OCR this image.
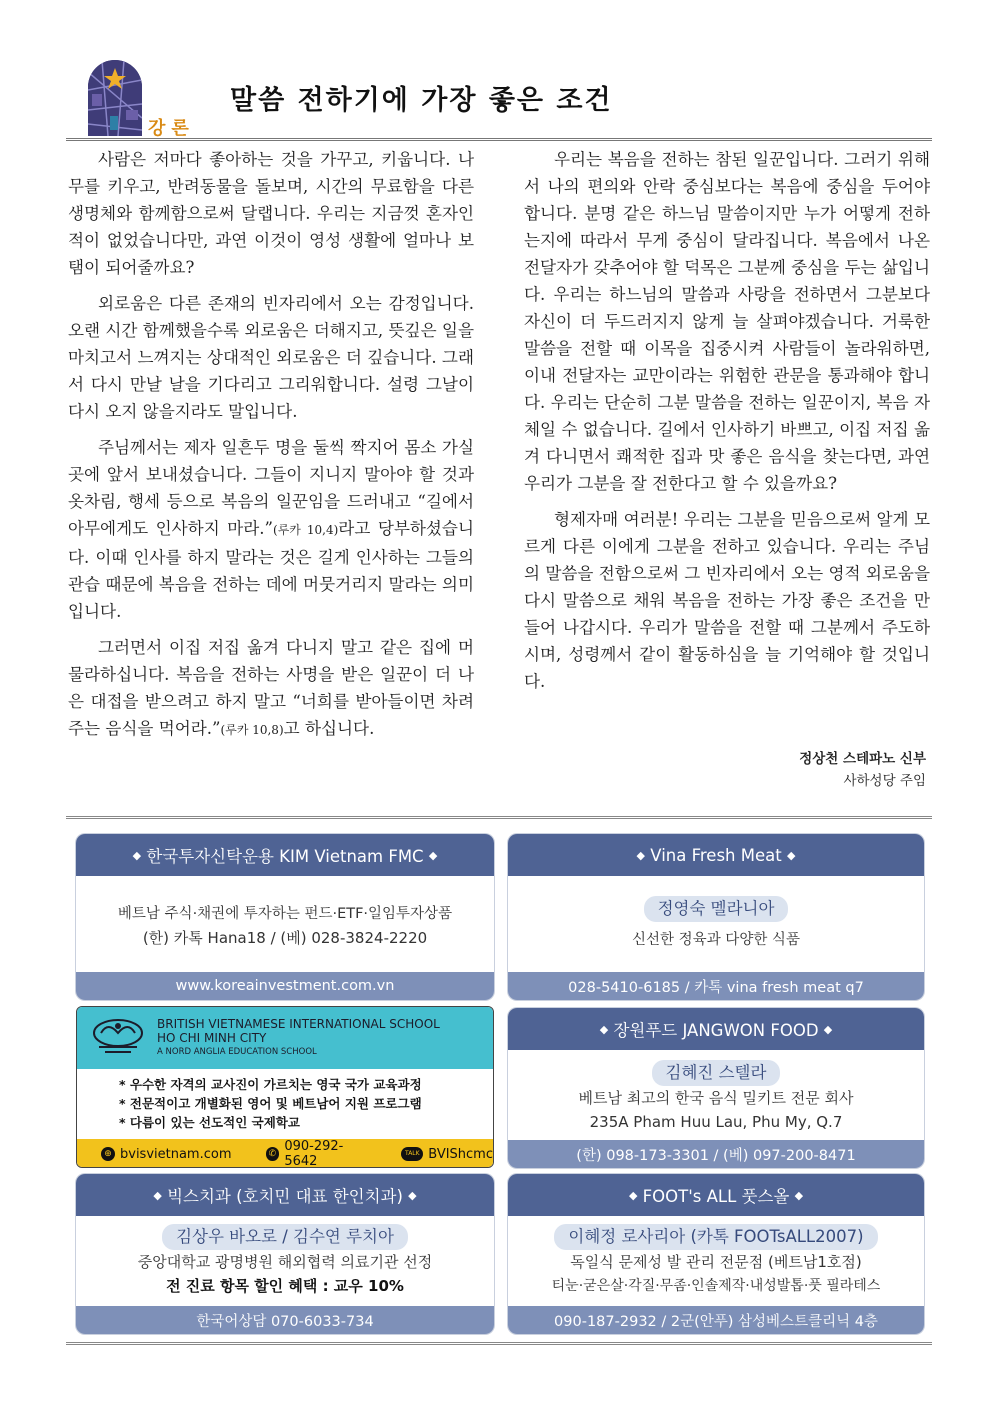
강론
말씀 전하기에 가장 좋은 조건

사람은 저마다 좋아하는 것을 가꾸고, 키웁니다. 나무를 키우고, 반려동물을 돌보며, 시간의 무료함을 다른 생명체와 함께함으로써 달랩니다. 우리는 지금껏 혼자인 적이 없었습니다만, 과연 이것이 영성 생활에 얼마나 보탬이 되어줄까요?

외로움은 다른 존재의 빈자리에서 오는 감정입니다. 오랜 시간 함께했을수록 외로움은 더해지고, 뜻깊은 일을 마치고서 느껴지는 상대적인 외로움은 더 깊습니다. 그래서 다시 만날 날을 기다리고 그리워합니다. 설령 그날이 다시 오지 않을지라도 말입니다.

주님께서는 제자 일흔두 명을 둘씩 짝지어 몸소 가실 곳에 앞서 보내셨습니다. 그들이 지니지 말아야 할 것과 옷차림, 행세 등으로 복음의 일꾼임을 드러내고 “길에서 아무에게도 인사하지 마라.”(루카 10,4)라고 당부하셨습니다. 이때 인사를 하지 말라는 것은 길게 인사하는 그들의 관습 때문에 복음을 전하는 데에 머뭇거리지 말라는 의미입니다.

그러면서 이집 저집 옮겨 다니지 말고 같은 집에 머물라하십니다. 복음을 전하는 사명을 받은 일꾼이 더 나은 대접을 받으려고 하지 말고 “너희를 받아들이면 차려 주는 음식을 먹어라.”(루카 10,8)고 하십니다.

우리는 복음을 전하는 참된 일꾼입니다. 그러기 위해서 나의 편의와 안락 중심보다는 복음에 중심을 두어야 합니다. 분명 같은 하느님 말씀이지만 누가 어떻게 전하는지에 따라서 무게 중심이 달라집니다. 복음에서 나온 전달자가 갖추어야 할 덕목은 그분께 중심을 두는 삶입니다. 우리는 하느님의 말씀과 사랑을 전하면서 그분보다 자신이 더 두드러지지 않게 늘 살펴야겠습니다. 거룩한 말씀을 전할 때 이목을 집중시켜 사람들이 놀라워하면, 이내 전달자는 교만이라는 위험한 관문을 통과해야 합니다. 우리는 단순히 그분 말씀을 전하는 일꾼이지, 복음 자체일 수 없습니다. 길에서 인사하기 바쁘고, 이집 저집 옮겨 다니면서 쾌적한 집과 맛 좋은 음식을 찾는다면, 과연 우리가 그분을 잘 전한다고 할 수 있을까요?

형제자매 여러분! 우리는 그분을 믿음으로써 알게 모르게 다른 이에게 그분을 전하고 있습니다. 우리는 주님의 말씀을 전함으로써 그 빈자리에서 오는 영적 외로움을 다시 말씀으로 채워 복음을 전하는 가장 좋은 조건을 만들어 나갑시다. 우리가 말씀을 전할 때 그분께서 주도하시며, 성령께서 같이 활동하심을 늘 기억해야 할 것입니다.

정상천 스테파노 신부
사하성당 주임
◆
한국투자신탁운용 KIM Vietnam FMC
◆
베트남 주식·채권에 투자하는 펀드·ETF·일임투자상품
(한) 카톡 Hana18 / (베) 028-3824-2220
www.koreainvestment.com.vn
◆
Vina Fresh Meat
◆
정영숙 멜라니아
신선한 정육과 다양한 식품
028-5410-6185 / 카톡 vina fresh meat q7
BRITISH VIETNAMESE INTERNATIONAL SCHOOL
HO CHI MINH CITY
A NORD ANGLIA EDUCATION SCHOOL
* 우수한 자격의 교사진이 가르치는 영국 국가 교육과정
* 전문적이고 개별화된 영어 및 베트남어 지원 프로그램
* 다름이 있는 선도적인 국제학교
⊕ bvisvietnam.com	✆ 090-292-5642
TALK BVIShcmc
◆
장원푸드 JANGWON FOOD
◆
김혜진 스텔라
베트남 최고의 한국 음식 밀키트 전문 회사
235A Pham Huu Lau, Phu My, Q.7
(한) 098-173-3301 / (베) 097-200-8471
◆
빅스치과 (호치민 대표 한인치과)
◆
김상우 바오로 / 김수연 루치아
중앙대학교 광명병원 해외협력 의료기관 선정
전 진료 항목 할인 혜택 : 교우 10%
한국어상담 070-6033-734
◆
FOOT's ALL 풋스올
◆
이혜정 로사리아 (카톡 FOOTsALL2007)
독일식 문제성 발 관리 전문점 (베트남1호점)
티눈·굳은살·각질·무좀·인솔제작·내성발톱·풋 필라테스
090-187-2932 / 2군(안푸) 삼성베스트클리닉 4층
